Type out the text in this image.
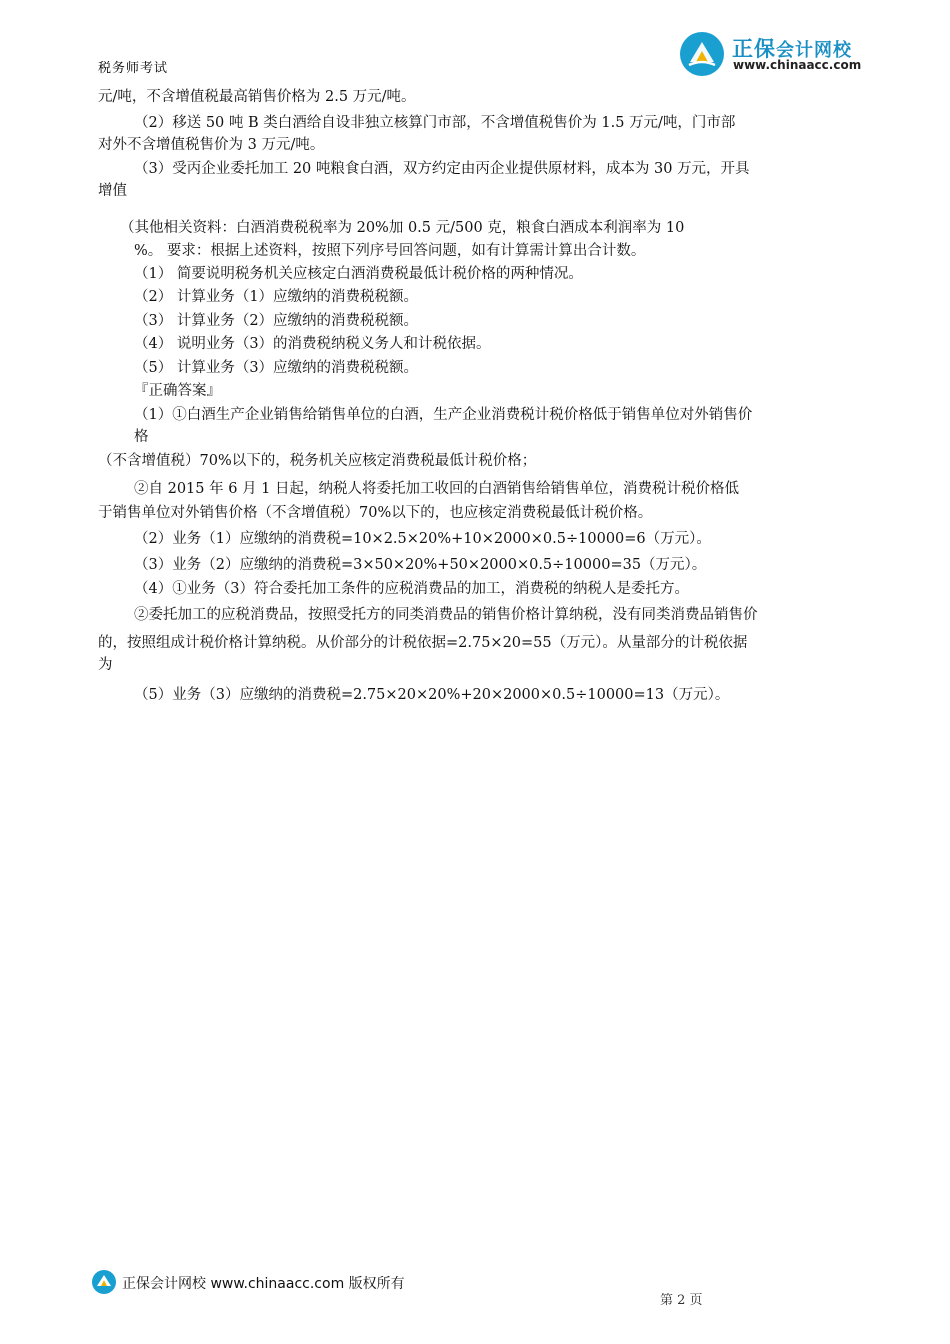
税务师考试
正保会计网校
www.chinaacc.com
元/吨，不含增值税最高销售价格为 2.5 万元/吨。
（2）移送 50 吨 B 类白酒给自设非独立核算门市部，不含增值税售价为 1.5 万元/吨，门市部
对外不含增值税售价为 3 万元/吨。
（3）受丙企业委托加工 20 吨粮食白酒，双方约定由丙企业提供原材料，成本为 30 万元，开具
增值
（其他相关资料：白酒消费税税率为 20%加 0.5 元/500 克，粮食白酒成本利润率为 10
%。 要求：根据上述资料，按照下列序号回答问题，如有计算需计算出合计数。
（1） 简要说明税务机关应核定白酒消费税最低计税价格的两种情况。
（2） 计算业务（1）应缴纳的消费税税额。
（3） 计算业务（2）应缴纳的消费税税额。
（4） 说明业务（3）的消费税纳税义务人和计税依据。
（5） 计算业务（3）应缴纳的消费税税额。
『正确答案』
（1）①白酒生产企业销售给销售单位的白酒，生产企业消费税计税价格低于销售单位对外销售价
格
（不含增值税）70%以下的，税务机关应核定消费税最低计税价格；
②自 2015 年 6 月 1 日起，纳税人将委托加工收回的白酒销售给销售单位，消费税计税价格低
于销售单位对外销售价格（不含增值税）70%以下的，也应核定消费税最低计税价格。
（2）业务（1）应缴纳的消费税=10×2.5×20%+10×2000×0.5÷10000=6（万元）。
（3）业务（2）应缴纳的消费税=3×50×20%+50×2000×0.5÷10000=35（万元）。
（4）①业务（3）符合委托加工条件的应税消费品的加工，消费税的纳税人是委托方。
②委托加工的应税消费品，按照受托方的同类消费品的销售价格计算纳税，没有同类消费品销售价
的，按照组成计税价格计算纳税。从价部分的计税依据=2.75×20=55（万元）。从量部分的计税依据
为
（5）业务（3）应缴纳的消费税=2.75×20×20%+20×2000×0.5÷10000=13（万元）。
正保会计网校 www.chinaacc.com 版权所有
第 2 页
